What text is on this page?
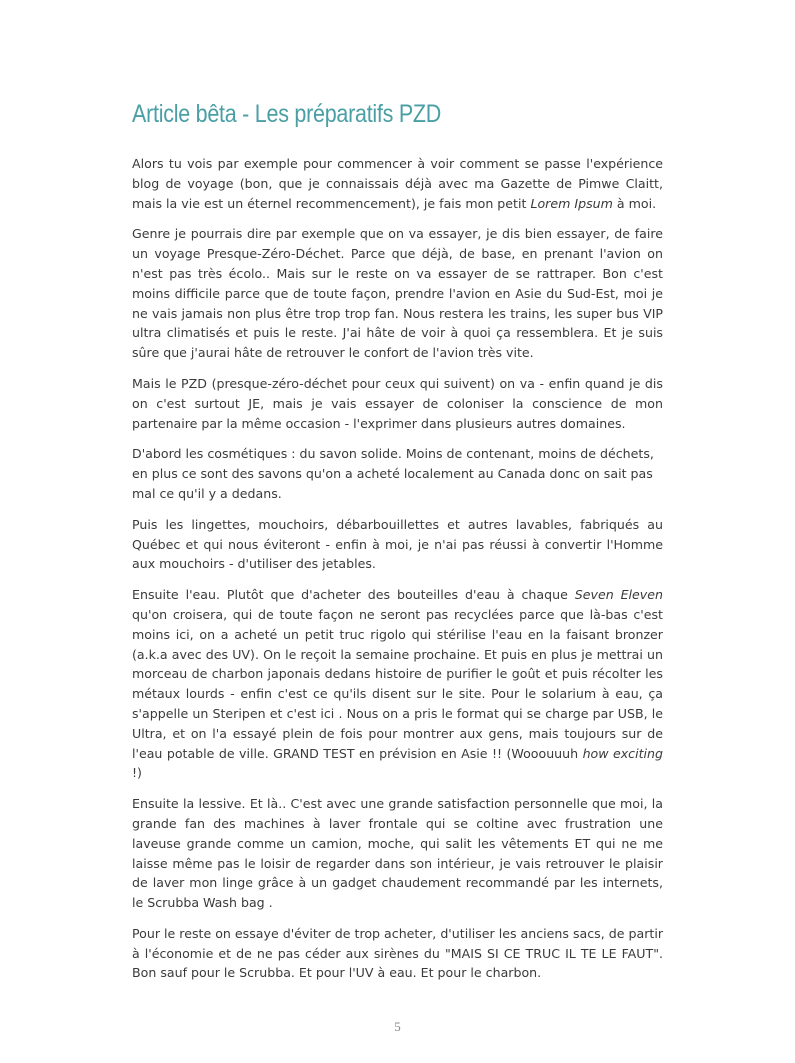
Article bêta - Les préparatifs PZD

Alors tu vois par exemple pour commencer à voir comment se passe l'expérience blog de voyage (bon, que je connaissais déjà avec ma Gazette de Pimwe Claitt, mais la vie est un éternel recommencement), je fais mon petit Lorem Ipsum à moi.

Genre je pourrais dire par exemple que on va essayer, je dis bien essayer, de faire un voyage Presque-Zéro-Déchet. Parce que déjà, de base, en prenant l'avion on n'est pas très écolo.. Mais sur le reste on va essayer de se rattraper. Bon c'est moins difficile parce que de toute façon, prendre l'avion en Asie du Sud-Est, moi je ne vais jamais non plus être trop trop fan. Nous restera les trains, les super bus VIP ultra climatisés et puis le reste. J'ai hâte de voir à quoi ça ressemblera. Et je suis sûre que j'aurai hâte de retrouver le confort de l'avion très vite.

Mais le PZD (presque-zéro-déchet pour ceux qui suivent) on va - enfin quand je dis on c'est surtout JE, mais je vais essayer de coloniser la conscience de mon partenaire par la même occasion - l'exprimer dans plusieurs autres domaines.

D'abord les cosmétiques : du savon solide. Moins de contenant, moins de déchets, en plus ce sont des savons qu'on a acheté localement au Canada donc on sait pas mal ce qu'il y a dedans.

Puis les lingettes, mouchoirs, débarbouillettes et autres lavables, fabriqués au Québec et qui nous éviteront - enfin à moi, je n'ai pas réussi à convertir l'Homme aux mouchoirs - d'utiliser des jetables.

Ensuite l'eau. Plutôt que d'acheter des bouteilles d'eau à chaque Seven Eleven qu'on croisera, qui de toute façon ne seront pas recyclées parce que là-bas c'est moins ici, on a acheté un petit truc rigolo qui stérilise l'eau en la faisant bronzer (a.k.a avec des UV). On le reçoit la semaine prochaine. Et puis en plus je mettrai un morceau de charbon japonais dedans histoire de purifier le goût et puis récolter les métaux lourds - enfin c'est ce qu'ils disent sur le site. Pour le solarium à eau, ça s'appelle un Steripen et c'est ici . Nous on a pris le format qui se charge par USB, le Ultra, et on l'a essayé plein de fois pour montrer aux gens, mais toujours sur de l'eau potable de ville. GRAND TEST en prévision en Asie !! (Wooouuuh how exciting !)

Ensuite la lessive. Et là.. C'est avec une grande satisfaction personnelle que moi, la grande fan des machines à laver frontale qui se coltine avec frustration une laveuse grande comme un camion, moche, qui salit les vêtements ET qui ne me laisse même pas le loisir de regarder dans son intérieur, je vais retrouver le plaisir de laver mon linge grâce à un gadget chaudement recommandé par les internets, le Scrubba Wash bag .

Pour le reste on essaye d'éviter de trop acheter, d'utiliser les anciens sacs, de partir à l'économie et de ne pas céder aux sirènes du "MAIS SI CE TRUC IL TE LE FAUT". Bon sauf pour le Scrubba. Et pour l'UV à eau. Et pour le charbon.

5
